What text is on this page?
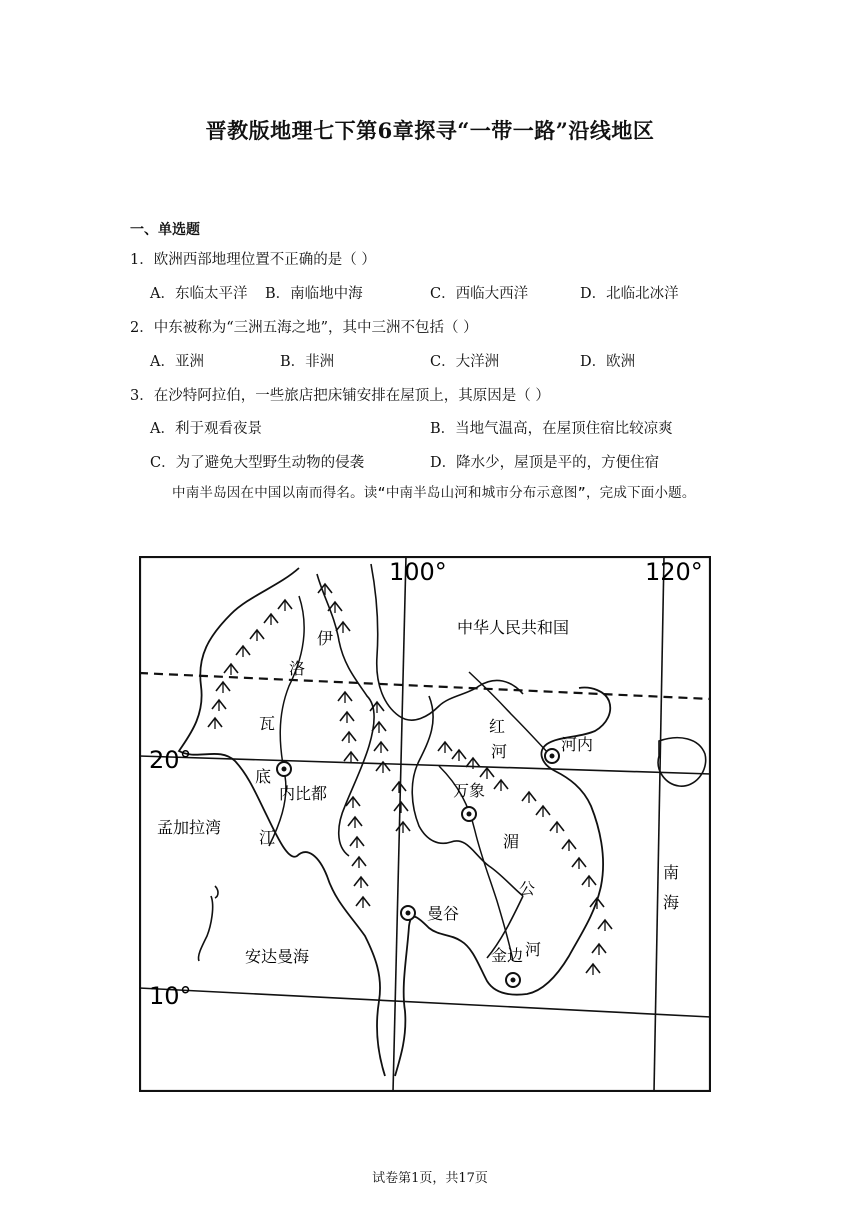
晋教版地理七下第6章探寻“一带一路”沿线地区
一、单选题
1．欧洲西部地理位置不正确的是（ ）
A．东临太平洋 B．南临地中海	C．西临大西洋	D．北临北冰洋
2．中东被称为“三洲五海之地”，其中三洲不包括（ ）
A．亚洲	B．非洲	C．大洋洲	D．欧洲
3．在沙特阿拉伯，一些旅店把床铺安排在屋顶上，其原因是（ ）
A．利于观看夜景	B．当地气温高，在屋顶住宿比较凉爽
C．为了避免大型野生动物的侵袭	D．降水少，屋顶是平的，方便住宿
中南半岛因在中国以南而得名。读“中南半岛山河和城市分布示意图”，完成下面小题。
100°	120°
20°
10°
中华人民共和国
孟加拉湾
安达曼海
南
海
伊
洛
瓦
底
江
红
河
湄
公
河
内比都
河内
万象
曼谷
金边
试卷第1页，共17页
